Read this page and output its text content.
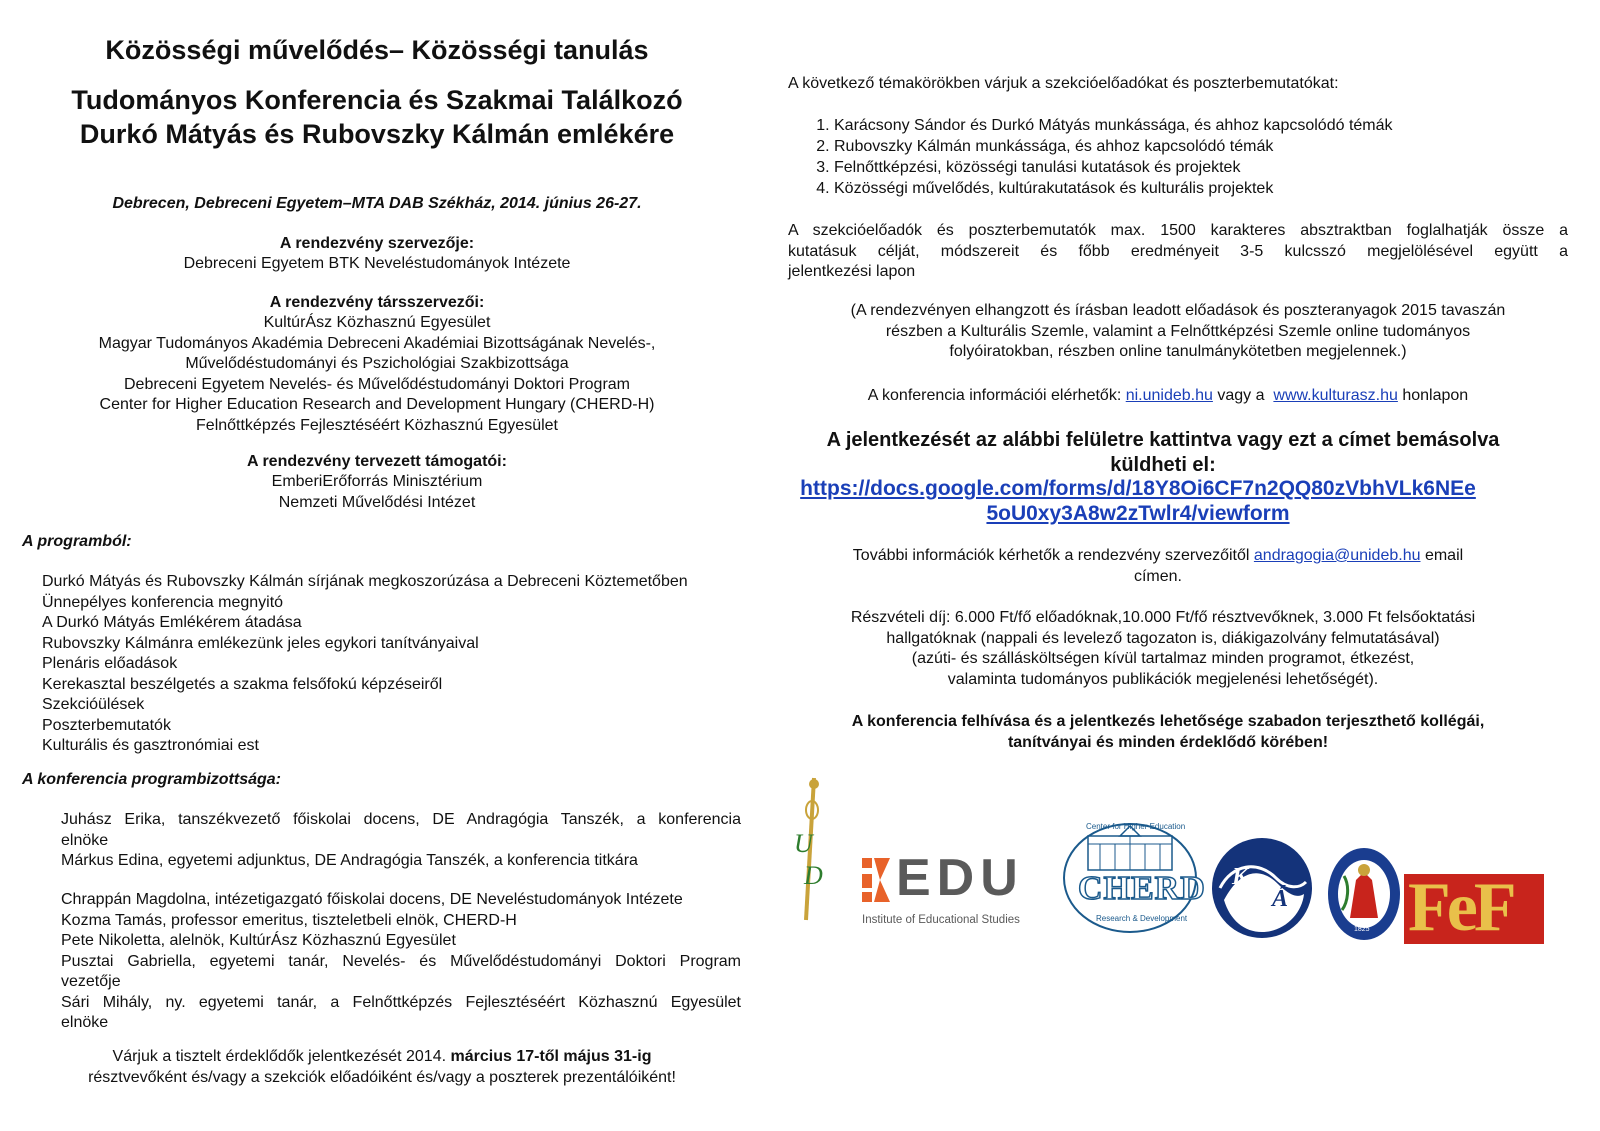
Közösségi művelődés– Közösségi tanulás
Tudományos Konferencia és Szakmai Találkozó
Durkó Mátyás és Rubovszky Kálmán emlékére
Debrecen, Debreceni Egyetem–MTA DAB Székház, 2014. június 26-27.
A rendezvény szervezője:
Debreceni Egyetem BTK Neveléstudományok Intézete
A rendezvény társszervezői:
KultúrÁsz Közhasznú Egyesület
Magyar Tudományos Akadémia Debreceni Akadémiai Bizottságának Nevelés-,
Művelődéstudományi és Pszichológiai Szakbizottsága
Debreceni Egyetem Nevelés- és Művelődéstudományi Doktori Program
Center for Higher Education Research and Development Hungary (CHERD-H)
Felnőttképzés Fejlesztéséért Közhasznú Egyesület
A rendezvény tervezett támogatói:
EmberiErőforrás Minisztérium
Nemzeti Művelődési Intézet
A programból:
Durkó Mátyás és Rubovszky Kálmán sírjának megkoszorúzása a Debreceni Köztemetőben
Ünnepélyes konferencia megnyitó
A Durkó Mátyás Emlékérem átadása
Rubovszky Kálmánra emlékezünk jeles egykori tanítványaival
Plenáris előadások
Kerekasztal beszélgetés a szakma felsőfokú képzéseiről
Szekcióülések
Poszterbemutatók
Kulturális és gasztronómiai est
A konferencia programbizottsága:
Juhász Erika, tanszékvezető főiskolai docens, DE Andragógia Tanszék, a konferencia
elnöke
Márkus Edina, egyetemi adjunktus, DE Andragógia Tanszék, a konferencia titkára
Chrappán Magdolna, intézetigazgató főiskolai docens, DE Neveléstudományok Intézete
Kozma Tamás, professor emeritus, tiszteletbeli elnök, CHERD-H
Pete Nikoletta, alelnök, KultúrÁsz Közhasznú Egyesület
Pusztai Gabriella, egyetemi tanár, Nevelés- és Művelődéstudományi Doktori Program
vezetője
Sári Mihály, ny. egyetemi tanár, a Felnőttképzés Fejlesztéséért Közhasznú Egyesület
elnöke
Várjuk a tisztelt érdeklődők jelentkezését 2014. március 17-től május 31-ig
résztvevőként és/vagy a szekciók előadóiként és/vagy a poszterek prezentálóiként!
A következő témakörökben várjuk a szekcióelőadókat és poszterbemutatókat:
1. Karácsony Sándor és Durkó Mátyás munkássága, és ahhoz kapcsolódó témák
2. Rubovszky Kálmán munkássága, és ahhoz kapcsolódó témák
3. Felnőttképzési, közösségi tanulási kutatások és projektek
4. Közösségi művelődés, kultúrakutatások és kulturális projektek
A szekcióelőadók és poszterbemutatók max. 1500 karakteres absztraktban foglalhatják össze a
kutatásuk célját, módszereit és főbb eredményeit 3-5 kulcsszó megjelölésével együtt a
jelentkezési lapon
(A rendezvényen elhangzott és írásban leadott előadások és poszteranyagok 2015 tavaszán
részben a Kulturális Szemle, valamint a Felnőttképzési Szemle online tudományos
folyóiratokban, részben online tanulmánykötetben megjelennek.)
A konferencia információi elérhetők: ni.unideb.hu vagy a www.kulturasz.hu honlapon
A jelentkezését az alábbi felületre kattintva vagy ezt a címet bemásolva
küldheti el:
https://docs.google.com/forms/d/18Y8Oi6CF7n2QQ80zVbhVLk6NEe
5oU0xy3A8w2zTwlr4/viewform
További információk kérhetők a rendezvény szervezőitől andragogia@unideb.hu email
címen.
Részvételi díj: 6.000 Ft/fő előadóknak,10.000 Ft/fő résztvevőknek, 3.000 Ft felsőoktatási
hallgatóknak (nappali és levelező tagozaton is, diákigazolvány felmutatásával)
(azúti- és szállásköltségen kívül tartalmaz minden programot, étkezést,
valaminta tudományos publikációk megjelenési lehetőségét).
A konferencia felhívása és a jelentkezés lehetősége szabadon terjeszthető kollégái,
tanítványai és minden érdeklődő körében!
U
D EDU
Institute of Educational Studies
Center for Higher Education
CHERD
Research & Development
K
Á
1825 FeF
